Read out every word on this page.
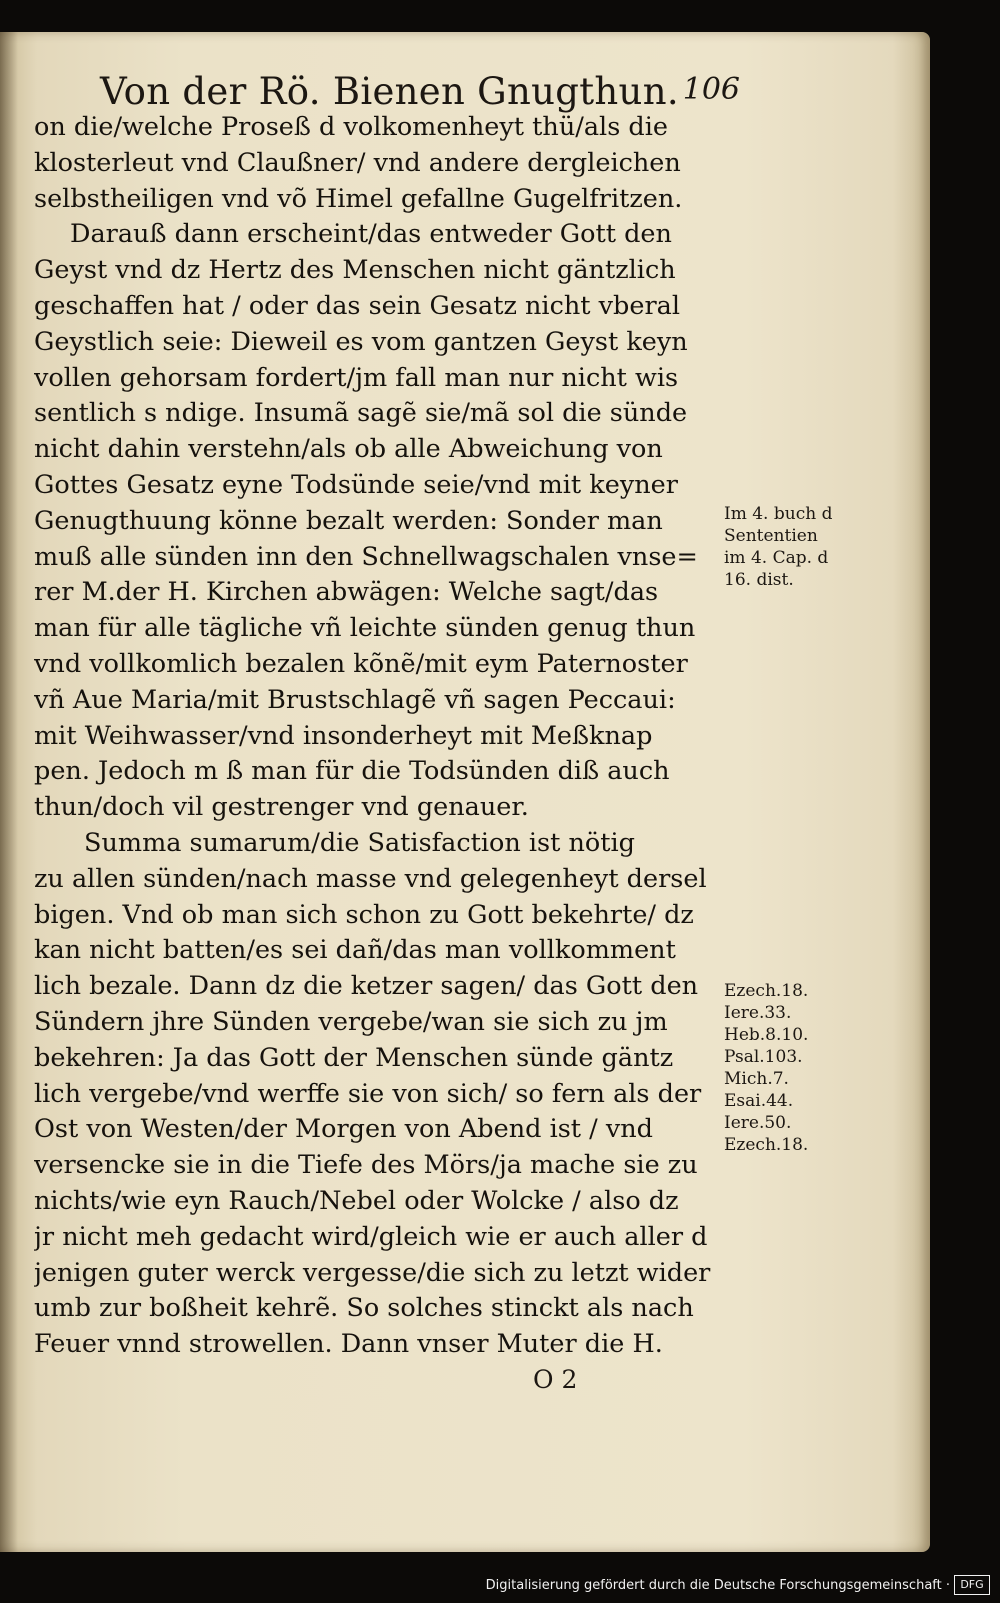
Von der Rö. Bienen Gnugthun. 106
on die/welche Proseß d volkomenheyt thü/als die
klosterleut vnd Claußner/ vnd andere dergleichen
selbstheiligen vnd võ Himel gefallne Gugelfritzen.
Darauß dann erscheint/das entweder Gott den
Geyst vnd dz Hertz des Menschen nicht gäntzlich
geschaffen hat / oder das sein Gesatz nicht vberal
Geystlich seie: Dieweil es vom gantzen Geyst keyn
vollen gehorsam fordert/jm fall man nur nicht wis
sentlich s ndige. Insumã sagẽ sie/mã sol die sünde
nicht dahin verstehn/als ob alle Abweichung von
Gottes Gesatz eyne Todsünde seie/vnd mit keyner
Genugthuung könne bezalt werden: Sonder man
muß alle sünden inn den Schnellwagschalen vnse=
rer M.der H. Kirchen abwägen: Welche sagt/das
man für alle tägliche vñ leichte sünden genug thun
vnd vollkomlich bezalen kõnẽ/mit eym Paternoster
vñ Aue Maria/mit Brustschlagẽ vñ sagen Peccaui:
mit Weihwasser/vnd insonderheyt mit Meßknap
pen. Jedoch m ß man für die Todsünden diß auch
thun/doch vil gestrenger vnd genauer.
Summa sumarum/die Satisfaction ist nötig
zu allen sünden/nach masse vnd gelegenheyt dersel
bigen. Vnd ob man sich schon zu Gott bekehrte/ dz
kan nicht batten/es sei dañ/das man vollkomment
lich bezale. Dann dz die ketzer sagen/ das Gott den
Sündern jhre Sünden vergebe/wan sie sich zu jm
bekehren: Ja das Gott der Menschen sünde gäntz
lich vergebe/vnd werffe sie von sich/ so fern als der
Ost von Westen/der Morgen von Abend ist / vnd
versencke sie in die Tiefe des Mörs/ja mache sie zu
nichts/wie eyn Rauch/Nebel oder Wolcke / also dz
jr nicht meh gedacht wird/gleich wie er auch aller d
jenigen guter werck vergesse/die sich zu letzt wider
umb zur boßheit kehrẽ. So solches stinckt als nach
Feuer vnnd strowellen. Dann vnser Muter die H.
Im 4. buch d
Sententien
im 4. Cap. d
16. dist.
Ezech.18.
Iere.33.
Heb.8.10.
Psal.103.
Mich.7.
Esai.44.
Iere.50.
Ezech.18.
O 2
Digitalisierung gefördert durch die Deutsche Forschungsgemeinschaft · DFG
